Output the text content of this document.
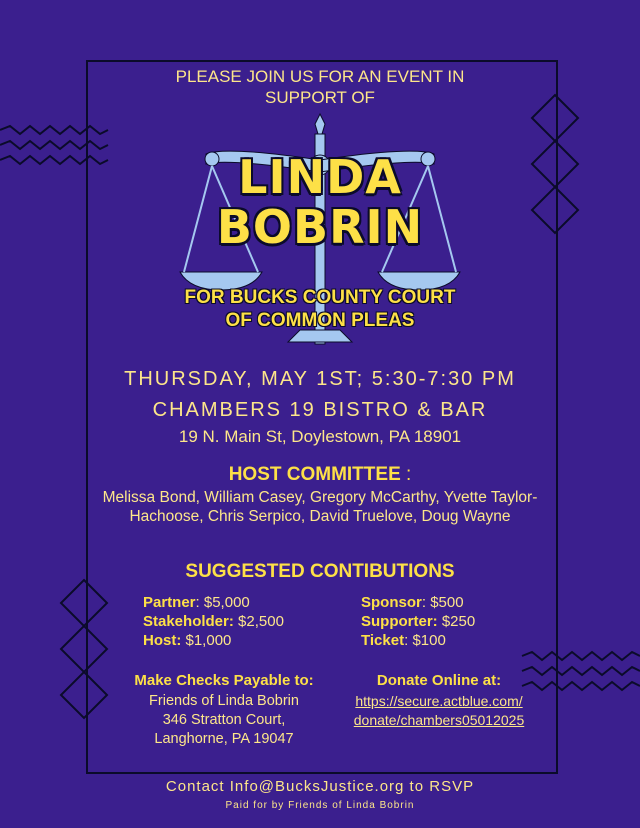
PLEASE JOIN US FOR AN EVENT IN SUPPORT OF
LINDA
BOBRIN
FOR BUCKS COUNTY COURT
OF COMMON PLEAS
THURSDAY, MAY 1ST; 5:30-7:30 PM
CHAMBERS 19 BISTRO & BAR
19 N. Main St, Doylestown, PA 18901
HOST COMMITTEE :
Melissa Bond, William Casey, Gregory McCarthy, Yvette Taylor-Hachoose, Chris Serpico, David Truelove, Doug Wayne
SUGGESTED CONTIBUTIONS
Partner: $5,000
Stakeholder: $2,500
Host: $1,000
Sponsor: $500
Supporter: $250
Ticket: $100
Make Checks Payable to:
Friends of Linda Bobrin
346 Stratton Court,
Langhorne, PA 19047
Donate Online at:
https://secure.actblue.com/
donate/chambers05012025
Contact Info@BucksJustice.org to RSVP
Paid for by Friends of Linda Bobrin
